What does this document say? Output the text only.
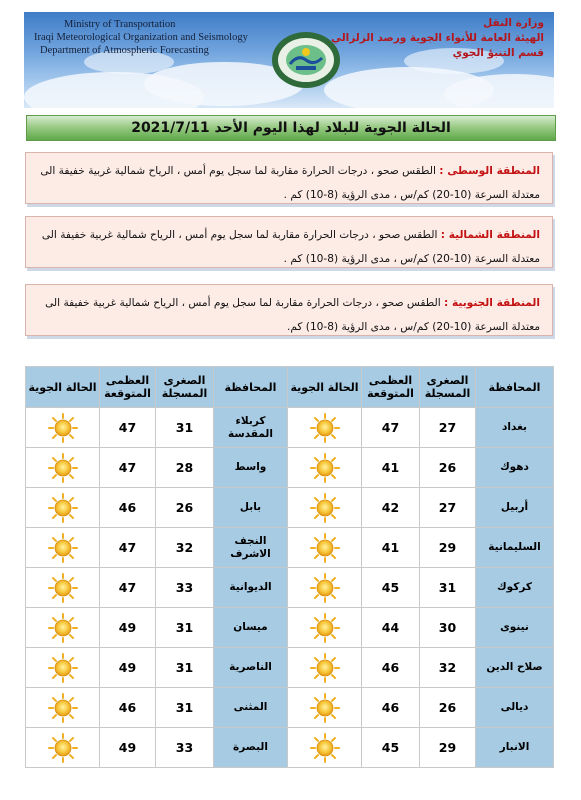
Ministry of Transportation
Iraqi Meteorological Organization and Seismology
Department of Atmospheric Forecasting
وزارة النقل
الهيئة العامة للأنواء الجوية ورصد الزلزالي
قسم التنبؤ الجوي
الحالة الجوية للبلاد لهذا اليوم الأحد 2021/7/11
المنطقة الوسطى : الطقس صحو ، درجات الحرارة مقاربة لما سجل يوم أمس ، الرياح شمالية غربية خفيفة الى معتدلة السرعة (10-20) كم/س ، مدى الرؤية (8-10) كم .
المنطقة الشمالية : الطقس صحو ، درجات الحرارة مقاربة لما سجل يوم أمس ، الرياح شمالية غربية خفيفة الى معتدلة السرعة (10-20) كم/س ، مدى الرؤية (8-10) كم .
المنطقة الجنوبية : الطقس صحو ، درجات الحرارة مقاربة لما سجل يوم أمس ، الرياح شمالية غربية خفيفة الى معتدلة السرعة (10-20) كم/س ، مدى الرؤية (8-10) كم.
الحالة الجوية	العظمى المتوقعة	الصغرى المسجلة	المحافظة	الحالة الجوية	العظمى المتوقعة	الصغرى المسجلة	المحافظة

	47	31	كربلاء المقدسة		47	27	بغداد

	47	28	واسط		41	26	دهوك

	46	26	بابل		42	27	أربيل

	47	32	النجف الاشرف		41	29	السليمانية

	47	33	الديوانية		45	31	كركوك

	49	31	ميسان		44	30	نينوى

	49	31	الناصرية		46	32	صلاح الدين

	46	31	المثنى		46	26	ديالى

	49	33	البصرة		45	29	الانبار
